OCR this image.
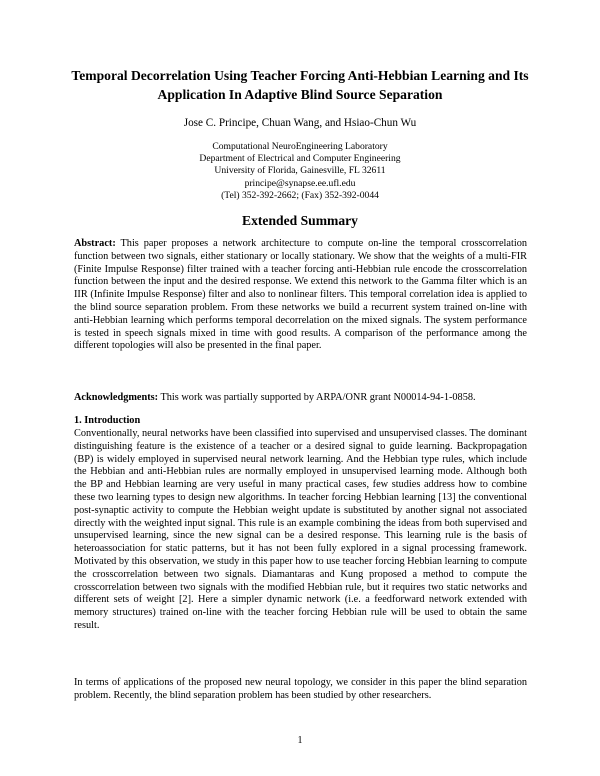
Temporal Decorrelation Using Teacher Forcing Anti-Hebbian Learning and Its Application In Adaptive Blind Source Separation

Jose C. Principe, Chuan Wang, and Hsiao-Chun Wu

Computational NeuroEngineering Laboratory
Department of Electrical and Computer Engineering
University of Florida, Gainesville, FL 32611
principe@synapse.ee.ufl.edu
(Tel) 352-392-2662; (Fax) 352-392-0044
Extended Summary

Abstract: This paper proposes a network architecture to compute on-line the temporal crosscorrelation function between two signals, either stationary or locally stationary. We show that the weights of a multi-FIR (Finite Impulse Response) filter trained with a teacher forcing anti-Hebbian rule encode the crosscorrelation function between the input and the desired response. We extend this network to the Gamma filter which is an IIR (Infinite Impulse Response) filter and also to nonlinear filters. This temporal correlation idea is applied to the blind source separation problem. From these networks we build a recurrent system trained on-line with anti-Hebbian learning which performs temporal decorrelation on the mixed signals. The system performance is tested in speech signals mixed in time with good results. A comparison of the performance among the different topologies will also be presented in the final paper.

Acknowledgments: This work was partially supported by ARPA/ONR grant N00014-94-1-0858.

1. Introduction

Conventionally, neural networks have been classified into supervised and unsupervised classes. The dominant distinguishing feature is the existence of a teacher or a desired signal to guide learning. Backpropagation (BP) is widely employed in supervised neural network learning. And the Hebbian type rules, which include the Hebbian and anti-Hebbian rules are normally employed in unsupervised learning mode. Although both the BP and Hebbian learning are very useful in many practical cases, few studies address how to combine these two learning types to design new algorithms. In teacher forcing Hebbian learning [13] the conventional post-synaptic activity to compute the Hebbian weight update is substituted by another signal not associated directly with the weighted input signal. This rule is an example combining the ideas from both supervised and unsupervised learning, since the new signal can be a desired response. This learning rule is the basis of heteroassociation for static patterns, but it has not been fully explored in a signal processing framework. Motivated by this observation, we study in this paper how to use teacher forcing Hebbian learning to compute the crosscorrelation between two signals. Diamantaras and Kung proposed a method to compute the crosscorrelation between two signals with the modified Hebbian rule, but it requires two static networks and different sets of weight [2]. Here a simpler dynamic network (i.e. a feedforward network extended with memory structures) trained on-line with the teacher forcing Hebbian rule will be used to obtain the same result.

In terms of applications of the proposed new neural topology, we consider in this paper the blind separation problem. Recently, the blind separation problem has been studied by other researchers.

1
